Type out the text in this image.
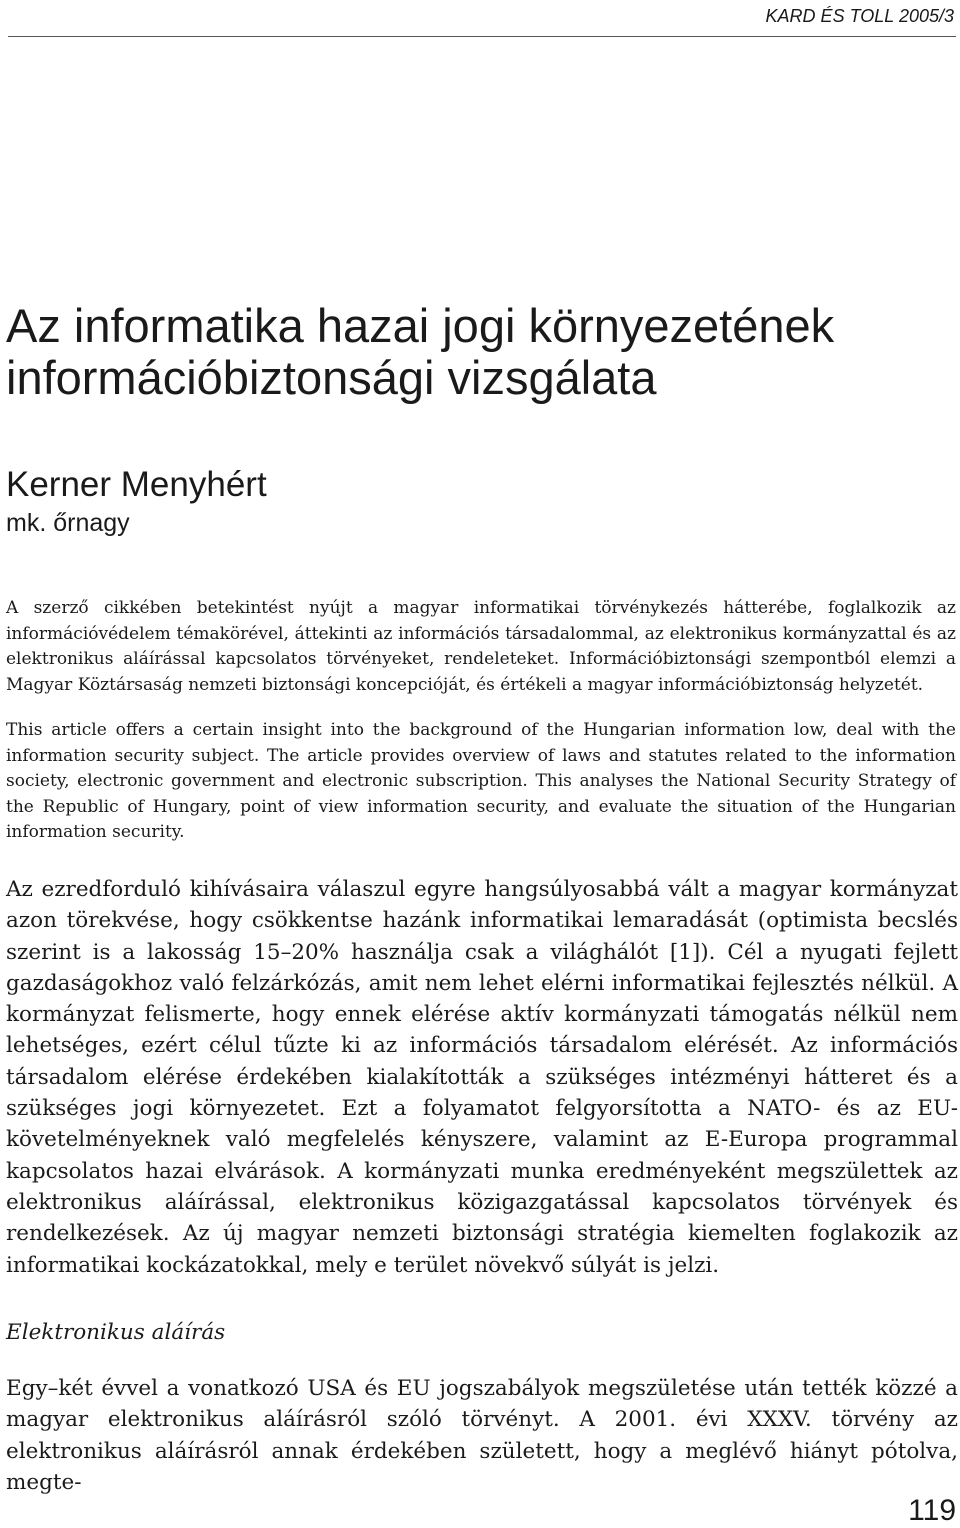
KARD ÉS TOLL 2005/3
Az informatika hazai jogi környezetének információbiztonsági vizsgálata
Kerner Menyhért
mk. őrnagy

A szerző cikkében betekintést nyújt a magyar informatikai törvénykezés hátterébe, foglalkozik az információvédelem témakörével, áttekinti az információs társadalommal, az elektronikus kormányzattal és az elektronikus aláírással kapcsolatos törvényeket, rendeleteket. Információbiztonsági szempontból elemzi a Magyar Köztársaság nemzeti biztonsági koncepcióját, és értékeli a magyar információbiztonság helyzetét.

This article offers a certain insight into the background of the Hungarian information low, deal with the information security subject. The article provides overview of laws and statutes related to the information society, electronic government and electronic subscription. This analyses the National Security Strategy of the Republic of Hungary, point of view information security, and evaluate the situation of the Hungarian information security.

Az ezredforduló kihívásaira válaszul egyre hangsúlyosabbá vált a magyar kormányzat azon törekvése, hogy csökkentse hazánk informatikai lemaradását (optimista becslés szerint is a lakosság 15–20% használja csak a világhálót [1]). Cél a nyugati fejlett gazdaságokhoz való felzárkózás, amit nem lehet elérni informatikai fejlesztés nélkül. A kormányzat felismerte, hogy ennek elérése aktív kormányzati támogatás nélkül nem lehetséges, ezért célul tűzte ki az információs társadalom elérését. Az információs társadalom elérése érdekében kialakították a szükséges intézményi hátteret és a szükséges jogi környezetet. Ezt a folyamatot felgyorsította a NATO- és az EU-követelményeknek való megfelelés kényszere, valamint az E-Europa programmal kapcsolatos hazai elvárások. A kormányzati munka eredményeként megszülettek az elektronikus aláírással, elektronikus közigazgatással kapcsolatos törvények és rendelkezések. Az új magyar nemzeti biztonsági stratégia kiemelten foglakozik az informatikai kockázatokkal, mely e terület növekvő súlyát is jelzi.

Elektronikus aláírás

Egy–két évvel a vonatkozó USA és EU jogszabályok megszületése után tették közzé a magyar elektronikus aláírásról szóló törvényt. A 2001. évi XXXV. törvény az elektronikus aláírásról annak érdekében született, hogy a meglévő hiányt pótolva, megte-

119
